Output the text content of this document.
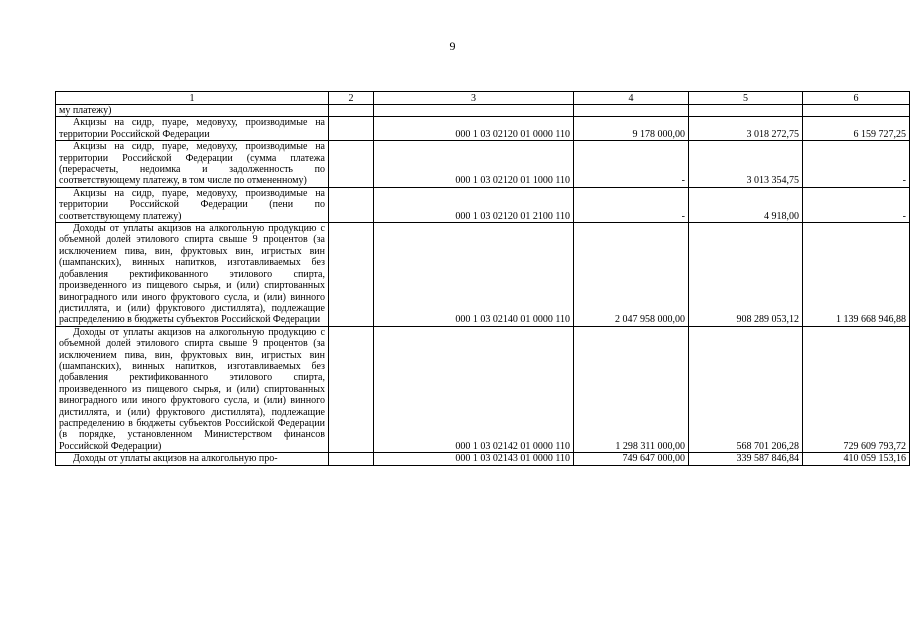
9
1	2	3	4	5	6
му платежу)					

Акцизы на сидр, пуаре, медовуху, производимые на территории Российской Федерации		000 1 03 02120 01 0000 110	9 178 000,00	3 018 272,75	6 159 727,25

Акцизы на сидр, пуаре, медовуху, производимые на территории Российской Федерации (сумма платежа (перерасчеты, недоимка и задолженность по соответствующему платежу, в том числе по отмененному)		000 1 03 02120 01 1000 110	-	3 013 354,75	-

Акцизы на сидр, пуаре, медовуху, производимые на территории Российской Федерации (пени по соответствующему платежу)		000 1 03 02120 01 2100 110	-	4 918,00	-

Доходы от уплаты акцизов на алкогольную продукцию с объемной долей этилового спирта свыше 9 процентов (за исключением пива, вин, фруктовых вин, игристых вин (шампанских), винных напитков, изготавливаемых без добавления ректификованного этилового спирта, произведенного из пищевого сырья, и (или) спиртованных виноградного или иного фруктового сусла, и (или) винного дистиллята, и (или) фруктового дистиллята), подлежащие распределению в бюджеты субъектов Российской Федерации		000 1 03 02140 01 0000 110	2 047 958 000,00	908 289 053,12	1 139 668 946,88

Доходы от уплаты акцизов на алкогольную продукцию с объемной долей этилового спирта свыше 9 процентов (за исключением пива, вин, фруктовых вин, игристых вин (шампанских), винных напитков, изготавливаемых без добавления ректификованного этилового спирта, произведенного из пищевого сырья, и (или) спиртованных виноградного или иного фруктового сусла, и (или) винного дистиллята, и (или) фруктового дистиллята), подлежащие распределению в бюджеты субъектов Российской Федерации (в порядке, установленном Министерством финансов Российской Федерации)		000 1 03 02142 01 0000 110	1 298 311 000,00	568 701 206,28	729 609 793,72

Доходы от уплаты акцизов на алкогольную про-		000 1 03 02143 01 0000 110	749 647 000,00	339 587 846,84	410 059 153,16
